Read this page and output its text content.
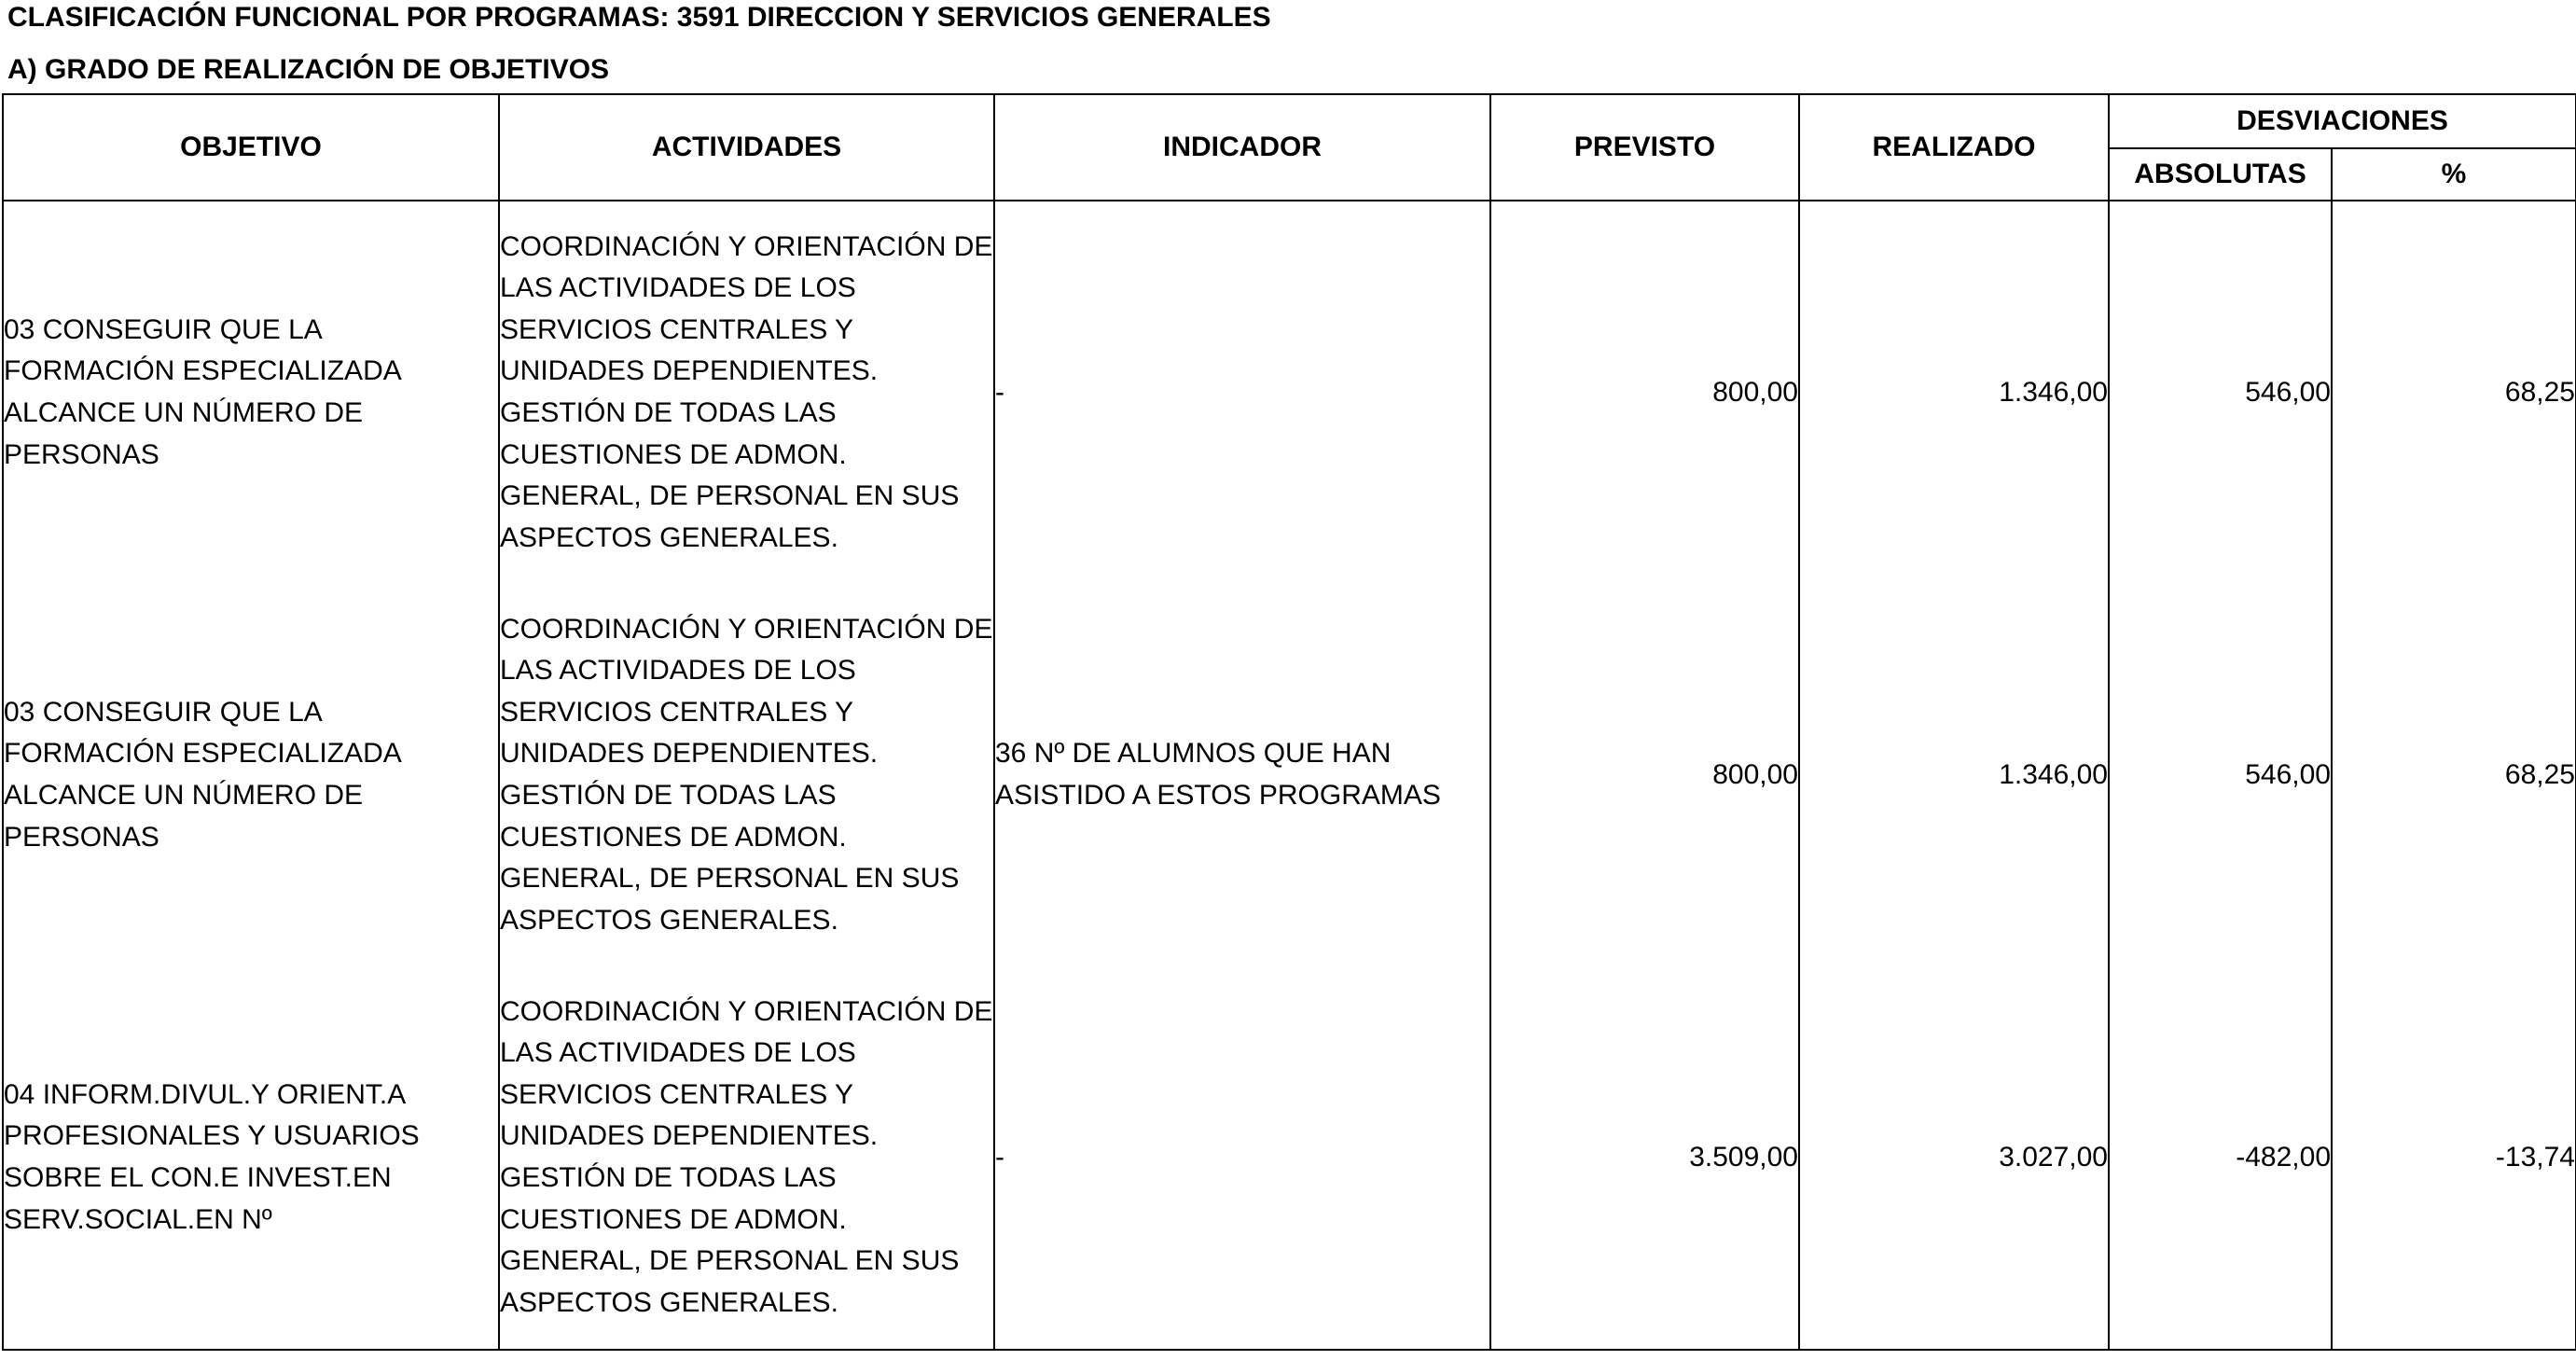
CLASIFICACIÓN FUNCIONAL POR PROGRAMAS: 3591 DIRECCION Y SERVICIOS GENERALES
A) GRADO DE REALIZACIÓN DE OBJETIVOS
OBJETIVO	ACTIVIDADES	INDICADOR	PREVISTO	REALIZADO	DESVIACIONES	
					ABSOLUTAS	%
03 CONSEGUIR QUE LA FORMACIÓN ESPECIALIZADA ALCANCE UN NÚMERO DE PERSONAS	COORDINACIÓN Y ORIENTACIÓN DE LAS ACTIVIDADES DE LOS SERVICIOS CENTRALES Y UNIDADES DEPENDIENTES. GESTIÓN DE TODAS LAS CUESTIONES DE ADMON. GENERAL, DE PERSONAL EN SUS ASPECTOS GENERALES.	-	800,00	1.346,00	546,00	68,25
03 CONSEGUIR QUE LA FORMACIÓN ESPECIALIZADA ALCANCE UN NÚMERO DE PERSONAS	COORDINACIÓN Y ORIENTACIÓN DE LAS ACTIVIDADES DE LOS SERVICIOS CENTRALES Y UNIDADES DEPENDIENTES. GESTIÓN DE TODAS LAS CUESTIONES DE ADMON. GENERAL, DE PERSONAL EN SUS ASPECTOS GENERALES.	36 Nº DE ALUMNOS QUE HAN ASISTIDO A ESTOS PROGRAMAS	800,00	1.346,00	546,00	68,25
04 INFORM.DIVUL.Y ORIENT.A PROFESIONALES Y USUARIOS SOBRE EL CON.E INVEST.EN SERV.SOCIAL.EN Nº	COORDINACIÓN Y ORIENTACIÓN DE LAS ACTIVIDADES DE LOS SERVICIOS CENTRALES Y UNIDADES DEPENDIENTES. GESTIÓN DE TODAS LAS CUESTIONES DE ADMON. GENERAL, DE PERSONAL EN SUS ASPECTOS GENERALES.	-	3.509,00	3.027,00	-482,00	-13,74
